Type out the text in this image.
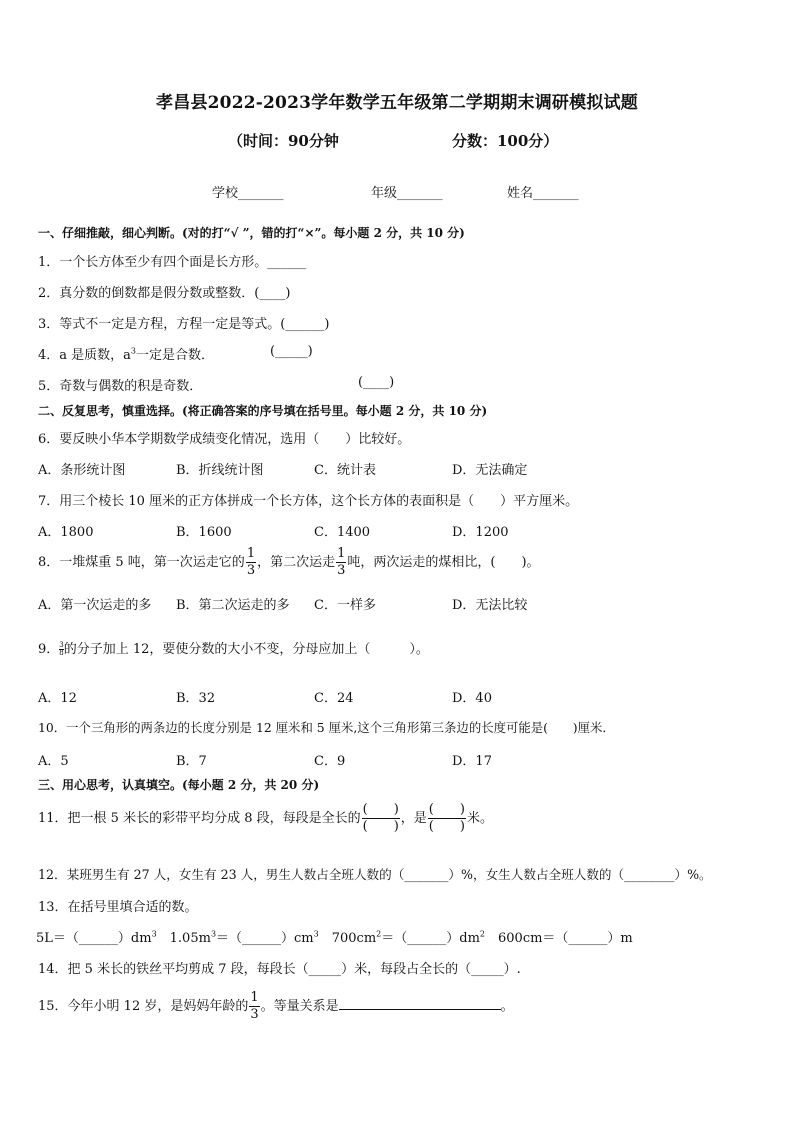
孝昌县2022-2023学年数学五年级第二学期期末调研模拟试题
（时间：90分钟	分数：100分）
学校_______	年级_______	姓名_______
一、仔细推敲，细心判断。(对的打“√ ”，错的打“×”。每小题 2 分，共 10 分)
1．一个长方体至少有四个面是长方形。______
2．真分数的倒数都是假分数或整数．(____)
3．等式不一定是方程，方程一定是等式。(______)
4．a 是质数，$a^3$一定是合数．	(_____)
5．奇数与偶数的积是奇数．	(____)
二、反复思考，慎重选择。(将正确答案的序号填在括号里。每小题 2 分，共 10 分)
6．要反映小华本学期数学成绩变化情况，选用（　　）比较好。
A．条形统计图	B．折线统计图	C．统计表	D．无法确定
7．用三个棱长 10 厘米的正方体拼成一个长方体，这个长方体的表面积是（　　）平方厘米。
A．1800	B．1600	C．1400	D．1200
8．一堆煤重 5 吨，第一次运走它的 $\frac{1}{3}$ ，第二次运走 $\frac{1}{3}$ 吨，两次运走的煤相比，(　　)。
A．第一次运走的多 B．第二次运走的多 C．一样多	D．无法比较
9． $\frac{3}{8}$ 的分子加上 12，要使分数的大小不变，分母应加上（　　　）。
A．12	B．32	C．24	D．40
10．一个三角形的两条边的长度分别是 12 厘米和 5 厘米,这个三角形第三条边的长度可能是(　　)厘米．
A．5	B．7	C．9	D．17
三、用心思考，认真填空。(每小题 2 分，共 20 分)
11．把一根 5 米长的彩带平均分成 8 段，每段是全长的 $\frac{( )}{( )}$ ，是 $\frac{( )}{( )}$ 米。
12．某班男生有 27 人，女生有 23 人，男生人数占全班人数的（_______）%，女生人数占全班人数的（________）%。
13．在括号里填合适的数。
$5L=(\_\_\_\_\_\_)dm^3$　$1.05m^3=(\_\_\_\_\_\_)cm^3$　$700cm^2=(\_\_\_\_\_\_)dm^2$　600cm＝（______）m
14．把 5 米长的铁丝平均剪成 7 段，每段长（_____）米，每段占全长的（_____）.
15．今年小明 12 岁，是妈妈年龄的 $\frac{1}{3}$ 。等量关系是	。
